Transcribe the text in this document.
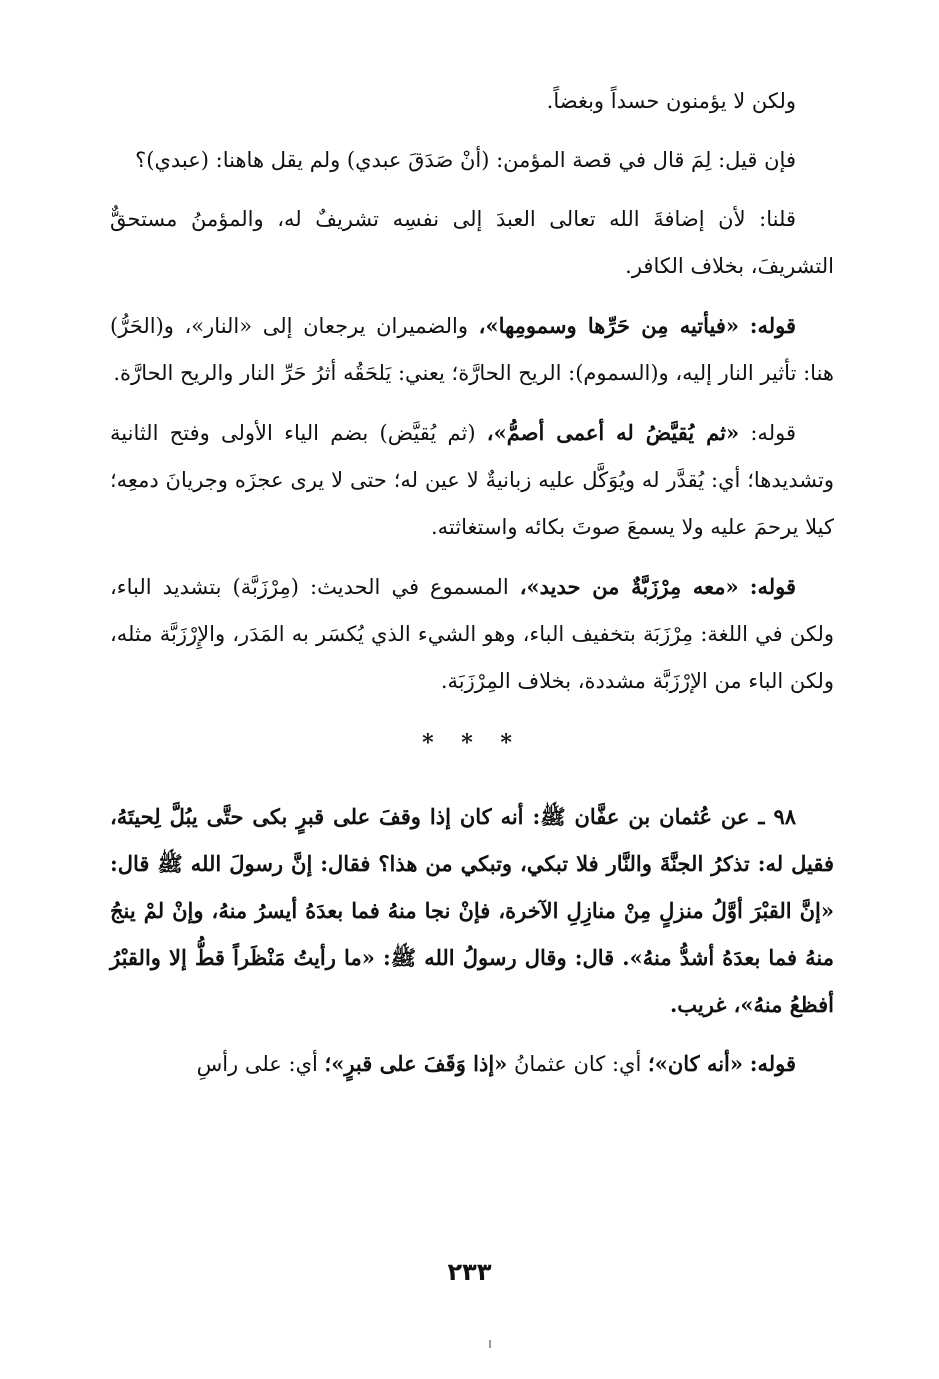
ولكن لا يؤمنون حسداً وبغضاً.

فإن قيل: لِمَ قال في قصة المؤمن: (أنْ صَدَقَ عبدي) ولم يقل هاهنا: (عبدي)؟

قلنا: لأن إضافةَ الله تعالى العبدَ إلى نفسِه تشريفٌ له، والمؤمنُ مستحقٌّ التشريفَ، بخلاف الكافر.

قوله: «فيأتيه مِن حَرِّها وسمومِها»، والضميران يرجعان إلى «النار»، و(الحَرُّ) هنا: تأثير النار إليه، و(السموم): الريح الحارَّة؛ يعني: يَلحَقُه أثرُ حَرِّ النار والريح الحارَّة.

قوله: «ثم يُقيَّضُ له أعمى أصمُّ»، (ثم يُقيَّض) بضم الياء الأولى وفتح الثانية وتشديدها؛ أي: يُقدَّر له ويُوَكَّل عليه زبانيةٌ لا عين له؛ حتى لا يرى عجزَه وجريانَ دمعِه؛ كيلا يرحمَ عليه ولا يسمعَ صوتَ بكائه واستغاثته.

قوله: «معه مِرْزَبَّةٌ من حديد»، المسموع في الحديث: (مِرْزَبَّة) بتشديد الباء، ولكن في اللغة: مِرْزَبَة بتخفيف الباء، وهو الشيء الذي يُكسَر به المَدَر، والإِرْزَبَّة مثله، ولكن الباء من الإرْزَبَّة مشددة، بخلاف المِرْزَبَة.

* * *

٩٨ ـ عن عُثمان بن عفَّان ﷺ: أنه كان إذا وقفَ على قبرٍ بكى حتَّى يبُلَّ لِحيتَهُ، فقيل له: تذكرُ الجنَّةَ والنَّار فلا تبكي، وتبكي من هذا؟ فقال: إنَّ رسولَ الله ﷺ قال: «إنَّ القبْرَ أوَّلُ منزلٍ مِنْ منازِلِ الآخرة، فإنْ نجا منهُ فما بعدَهُ أيسرُ منهُ، وإنْ لمْ ينجُ منهُ فما بعدَهُ أشدُّ منهُ». قال: وقال رسولُ الله ﷺ: «ما رأيتُ مَنْظَراً قطُّ إلا والقبْرُ أفظعُ منهُ»، غريب.

قوله: «أنه كان»؛ أي: كان عثمانُ «إذا وَقَفَ على قبرٍ»؛ أي: على رأسِ

٢٣٣
